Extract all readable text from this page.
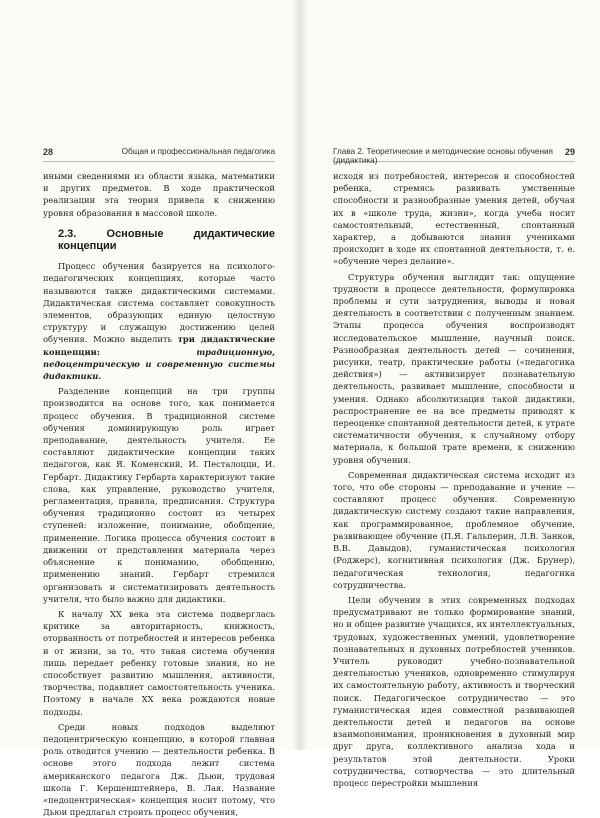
28	Общая и профессиональная педагогика

иными сведениями из области языка, математики и других предметов. В ходе практической реализации эта теория привела к снижению уровня образования в массовой школе.

2.3. Основные дидактические концепции

Процесс обучения базируется на психолого-педагогических концепциях, которые часто называются также дидактическими системами. Дидактическая система составляет совокупность элементов, образующих единую целостную структуру и служащую достижению целей обучения. Можно выделить три дидактические концепции:	традиционную, педоцентрическую и современную системы дидактики.

Разделение концепций на три группы производится на основе того, как понимается процесс обучения. В традиционной системе обучения доминирующую роль играет преподавание, деятельность учителя. Ее составляют дидактические концепции таких педагогов, как Я. Коменский, И. Песталоцци, И. Гербарт. Дидактику Гербарта характеризуют такие слова, как управление, руководство учителя, регламентация, правила, предписания. Структура обучения традиционно состоит из четырех ступеней: изложение, понимание, обобщение, применение. Логика процесса обучения состоит в движении от представления материала через объяснение к пониманию, обобщению, применению знаний. Гербарт стремился организовать и систематизировать деятельность учителя, что было важно для дидактики.

К началу XX века эта система подверглась критике за авторитарность, книжность, оторванность от потребностей и интересов ребенка и от жизни, за то, что такая система обучения лишь передает ребенку готовые знания, но не способствует развитию мышления, активности, творчества, подавляет самостоятельность ученика. Поэтому в начале XX века рождаются новые подходы.

Среди новых подходов выделяют педоцентрическую концепцию, в которой главная роль отводится учению — деятельности ребенка. В основе этого подхода лежит система американского педагога Дж. Дьюи, трудовая школа Г. Кершенштейнера, В. Лая. Название «педоцентрическая» концепция носит потому, что Дьюи предлагал строить процесс обучения,

Глава 2. Теоретические и методические основы обучения (дидактика)
29

исходя из потребностей, интересов и способностей ребенка, стремясь развивать умственные способности и разнообразные умения детей, обучая их в «школе труда, жизни», когда учеба носит самостоятельный, естественный, спонтанный характер, а добываются знания учениками происходит в ходе их спонтанной деятельности, т. е. «обучение через делание».

Структура обучения выглядит так: ощущение трудности в процессе деятельности, формулировка проблемы и сути затруднения, выводы и новая деятельность в соответствии с полученным знанием. Этапы процесса обучения воспроизводят исследовательское мышление, научный поиск. Разнообразная деятельность детей — сочинения, рисунки, театр, практические работы («педагогика действия») — активизирует познавательную деятельность, развивает мышление, способности и умения. Однако абсолютизация такой дидактики, распространение ее на все предметы приводят к переоценке спонтанной деятельности детей, к утрате систематичности обучения, к случайному отбору материала, к большой трате времени, к снижению уровня обучения.

Современная дидактическая система исходит из того, что обе стороны — преподавание и учение — составляют процесс обучения. Современную дидактическую систему создают такие направления, как программированное, проблемное обучение, развивающее обучение (П.Я. Гальперин, Л.В. Занков, В.В. Давыдов), гуманистическая психология (Роджерс), когнитивная психология (Дж. Брунер), педагогическая технология, педагогика сотрудничества.

Цели обучения в этих современных подходах предусматривают не только формирование знаний, но и общее развитие учащихся, их интеллектуальных, трудовых, художественных умений, удовлетворение познавательных и духовных потребностей учеников. Учитель руководит учебно-познавательной деятельностью учеников, одновременно стимулируя их самостоятельную работу, активность и творческий поиск. Педагогическое сотрудничество — это гуманистическая идея совместной развивающей деятельности детей и педагогов на основе взаимопонимания, проникновения в духовный мир друг друга, коллективного анализа хода и результатов этой деятельности. Уроки сотрудничества, сотворчества — это длительный процесс перестройки мышления
